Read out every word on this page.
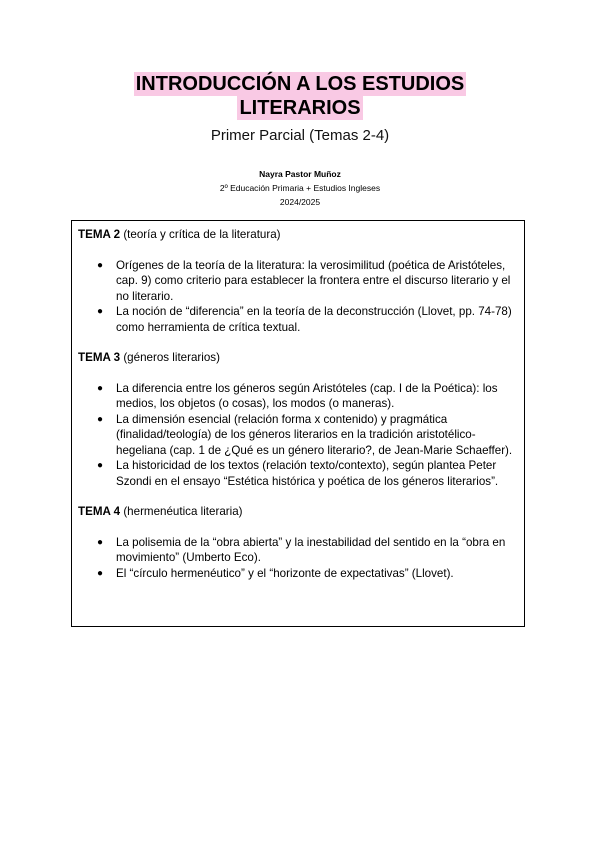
INTRODUCCIÓN A LOS ESTUDIOS
LITERARIOS
Primer Parcial (Temas 2-4)
Nayra Pastor Muñoz
2º Educación Primaria + Estudios Ingleses
2024/2025
TEMA 2 (teoría y crítica de la literatura)
● Orígenes de la teoría de la literatura: la verosimilitud (poética de Aristóteles, cap. 9) como criterio para establecer la frontera entre el discurso literario y el no literario.
● La noción de “diferencia” en la teoría de la deconstrucción (Llovet, pp. 74-78) como herramienta de crítica textual.
TEMA 3 (géneros literarios)
● La diferencia entre los géneros según Aristóteles (cap. I de la Poética): los medios, los objetos (o cosas), los modos (o maneras).
● La dimensión esencial (relación forma x contenido) y pragmática (finalidad/teología) de los géneros literarios en la tradición aristotélico-hegeliana (cap. 1 de ¿Qué es un género literario?, de Jean-Marie Schaeffer).
● La historicidad de los textos (relación texto/contexto), según plantea Peter Szondi en el ensayo “Estética histórica y poética de los géneros literarios”.
TEMA 4 (hermenéutica literaria)
● La polisemia de la “obra abierta” y la inestabilidad del sentido en la “obra en movimiento” (Umberto Eco).
● El “círculo hermenéutico” y el “horizonte de expectativas” (Llovet).
